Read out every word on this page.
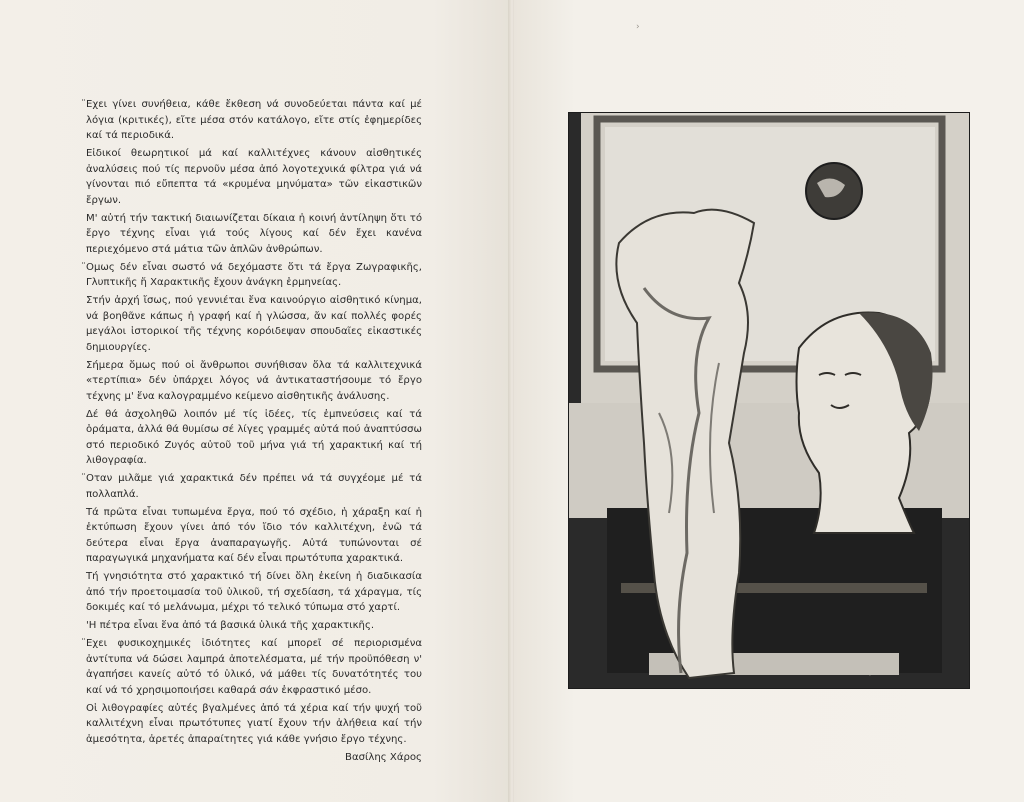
̈Εχει γίνει συνήθεια, κάθε ἔκθεση νά συνοδεύεται πάντα καί μέ λόγια (κριτικές), εἴτε μέσα στόν κατάλογο, εἴτε στίς ἐφημερίδες καί τά περιοδικά.

Εἰδικοί θεωρητικοί μά καί καλλιτέχνες κάνουν αἰσθητικές ἀναλύσεις πού τίς περνοῦν μέσα ἀπό λογοτεχνικά φίλτρα γιά νά γίνονται πιό εὔπεπτα τά «κρυμένα μηνύματα» τῶν εἰκαστικῶν ἔργων.

Μ' αὐτή τήν τακτική διαιωνίζεται δίκαια ἡ κοινή ἀντίληψη ὅτι τό ἔργο τέχνης εἶναι γιά τούς λίγους καί δέν ἔχει κανένα περιεχόμενο στά μάτια τῶν ἁπλῶν ἀνθρώπων.

̈Ομως δέν εἶναι σωστό νά δεχόμαστε ὅτι τά ἔργα Ζωγραφικῆς, Γλυπτικῆς ἤ Χαρακτικῆς ἔχουν ἀνάγκη ἑρμηνείας.

Στήν ἀρχή ἴσως, πού γεννιέται ἕνα καινούργιο αἰσθητικό κίνημα, νά βοηθᾶνε κάπως ἡ γραφή καί ἡ γλώσσα, ἄν καί πολλές φορές μεγάλοι ἱστορικοί τῆς τέχνης κορόιδεψαν σπουδαῖες εἰκαστικές δημιουργίες.

Σήμερα ὅμως πού οἱ ἄνθρωποι συνήθισαν ὅλα τά καλλιτεχνικά «τερτίπια» δέν ὑπάρχει λόγος νά ἀντικαταστήσουμε τό ἔργο τέχνης μ' ἕνα καλογραμμένο κείμενο αἰσθητικῆς ἀνάλυσης.

Δέ θά ἀσχοληθῶ λοιπόν μέ τίς ἰδέες, τίς ἐμπνεύσεις καί τά ὁράματα, ἀλλά θά θυμίσω σέ λίγες γραμμές αὐτά πού ἀναπτύσσω στό περιοδικό Ζυγός αὐτοῦ τοῦ μήνα γιά τή χαρακτική καί τή λιθογραφία.

̈Οταν μιλᾶμε γιά χαρακτικά δέν πρέπει νά τά συγχέομε μέ τά πολλαπλά.

Τά πρῶτα εἶναι τυπωμένα ἔργα, πού τό σχέδιο, ἡ χάραξη καί ἡ ἐκτύπωση ἔχουν γίνει ἀπό τόν ἴδιο τόν καλλιτέχνη, ἐνῶ τά δεύτερα εἶναι ἔργα ἀναπαραγωγῆς. Αὐτά τυπώνονται σέ παραγωγικά μηχανήματα καί δέν εἶναι πρωτότυπα χαρακτικά.

Τή γνησιότητα στό χαρακτικό τή δίνει ὅλη ἐκείνη ἡ διαδικασία ἀπό τήν προετοιμασία τοῦ ὑλικοῦ, τή σχεδίαση, τά χάραγμα, τίς δοκιμές καί τό μελάνωμα, μέχρι τό τελικό τύπωμα στό χαρτί.

'Η πέτρα εἶναι ἕνα ἀπό τά βασικά ὑλικά τῆς χαρακτικῆς.

̈Εχει φυσικοχημικές ἰδιότητες καί μπορεῖ σέ περιορισμένα ἀντίτυπα νά δώσει λαμπρά ἀποτελέσματα, μέ τήν προϋπόθεση ν' ἀγαπήσει κανείς αὐτό τό ὑλικό, νά μάθει τίς δυνατότητές του καί νά τό χρησιμοποιήσει καθαρά σάν ἐκφραστικό μέσο.

Οἱ λιθογραφίες αὐτές βγαλμένες ἀπό τά χέρια καί τήν ψυχή τοῦ καλλιτέχνη εἶναι πρωτότυπες γιατί ἔχουν τήν ἀλήθεια καί τήν ἀμεσότητα, ἀρετές ἀπαραίτητες γιά κάθε γνήσιο ἔργο τέχνης.

Βασίλης Χάρος
›
·
